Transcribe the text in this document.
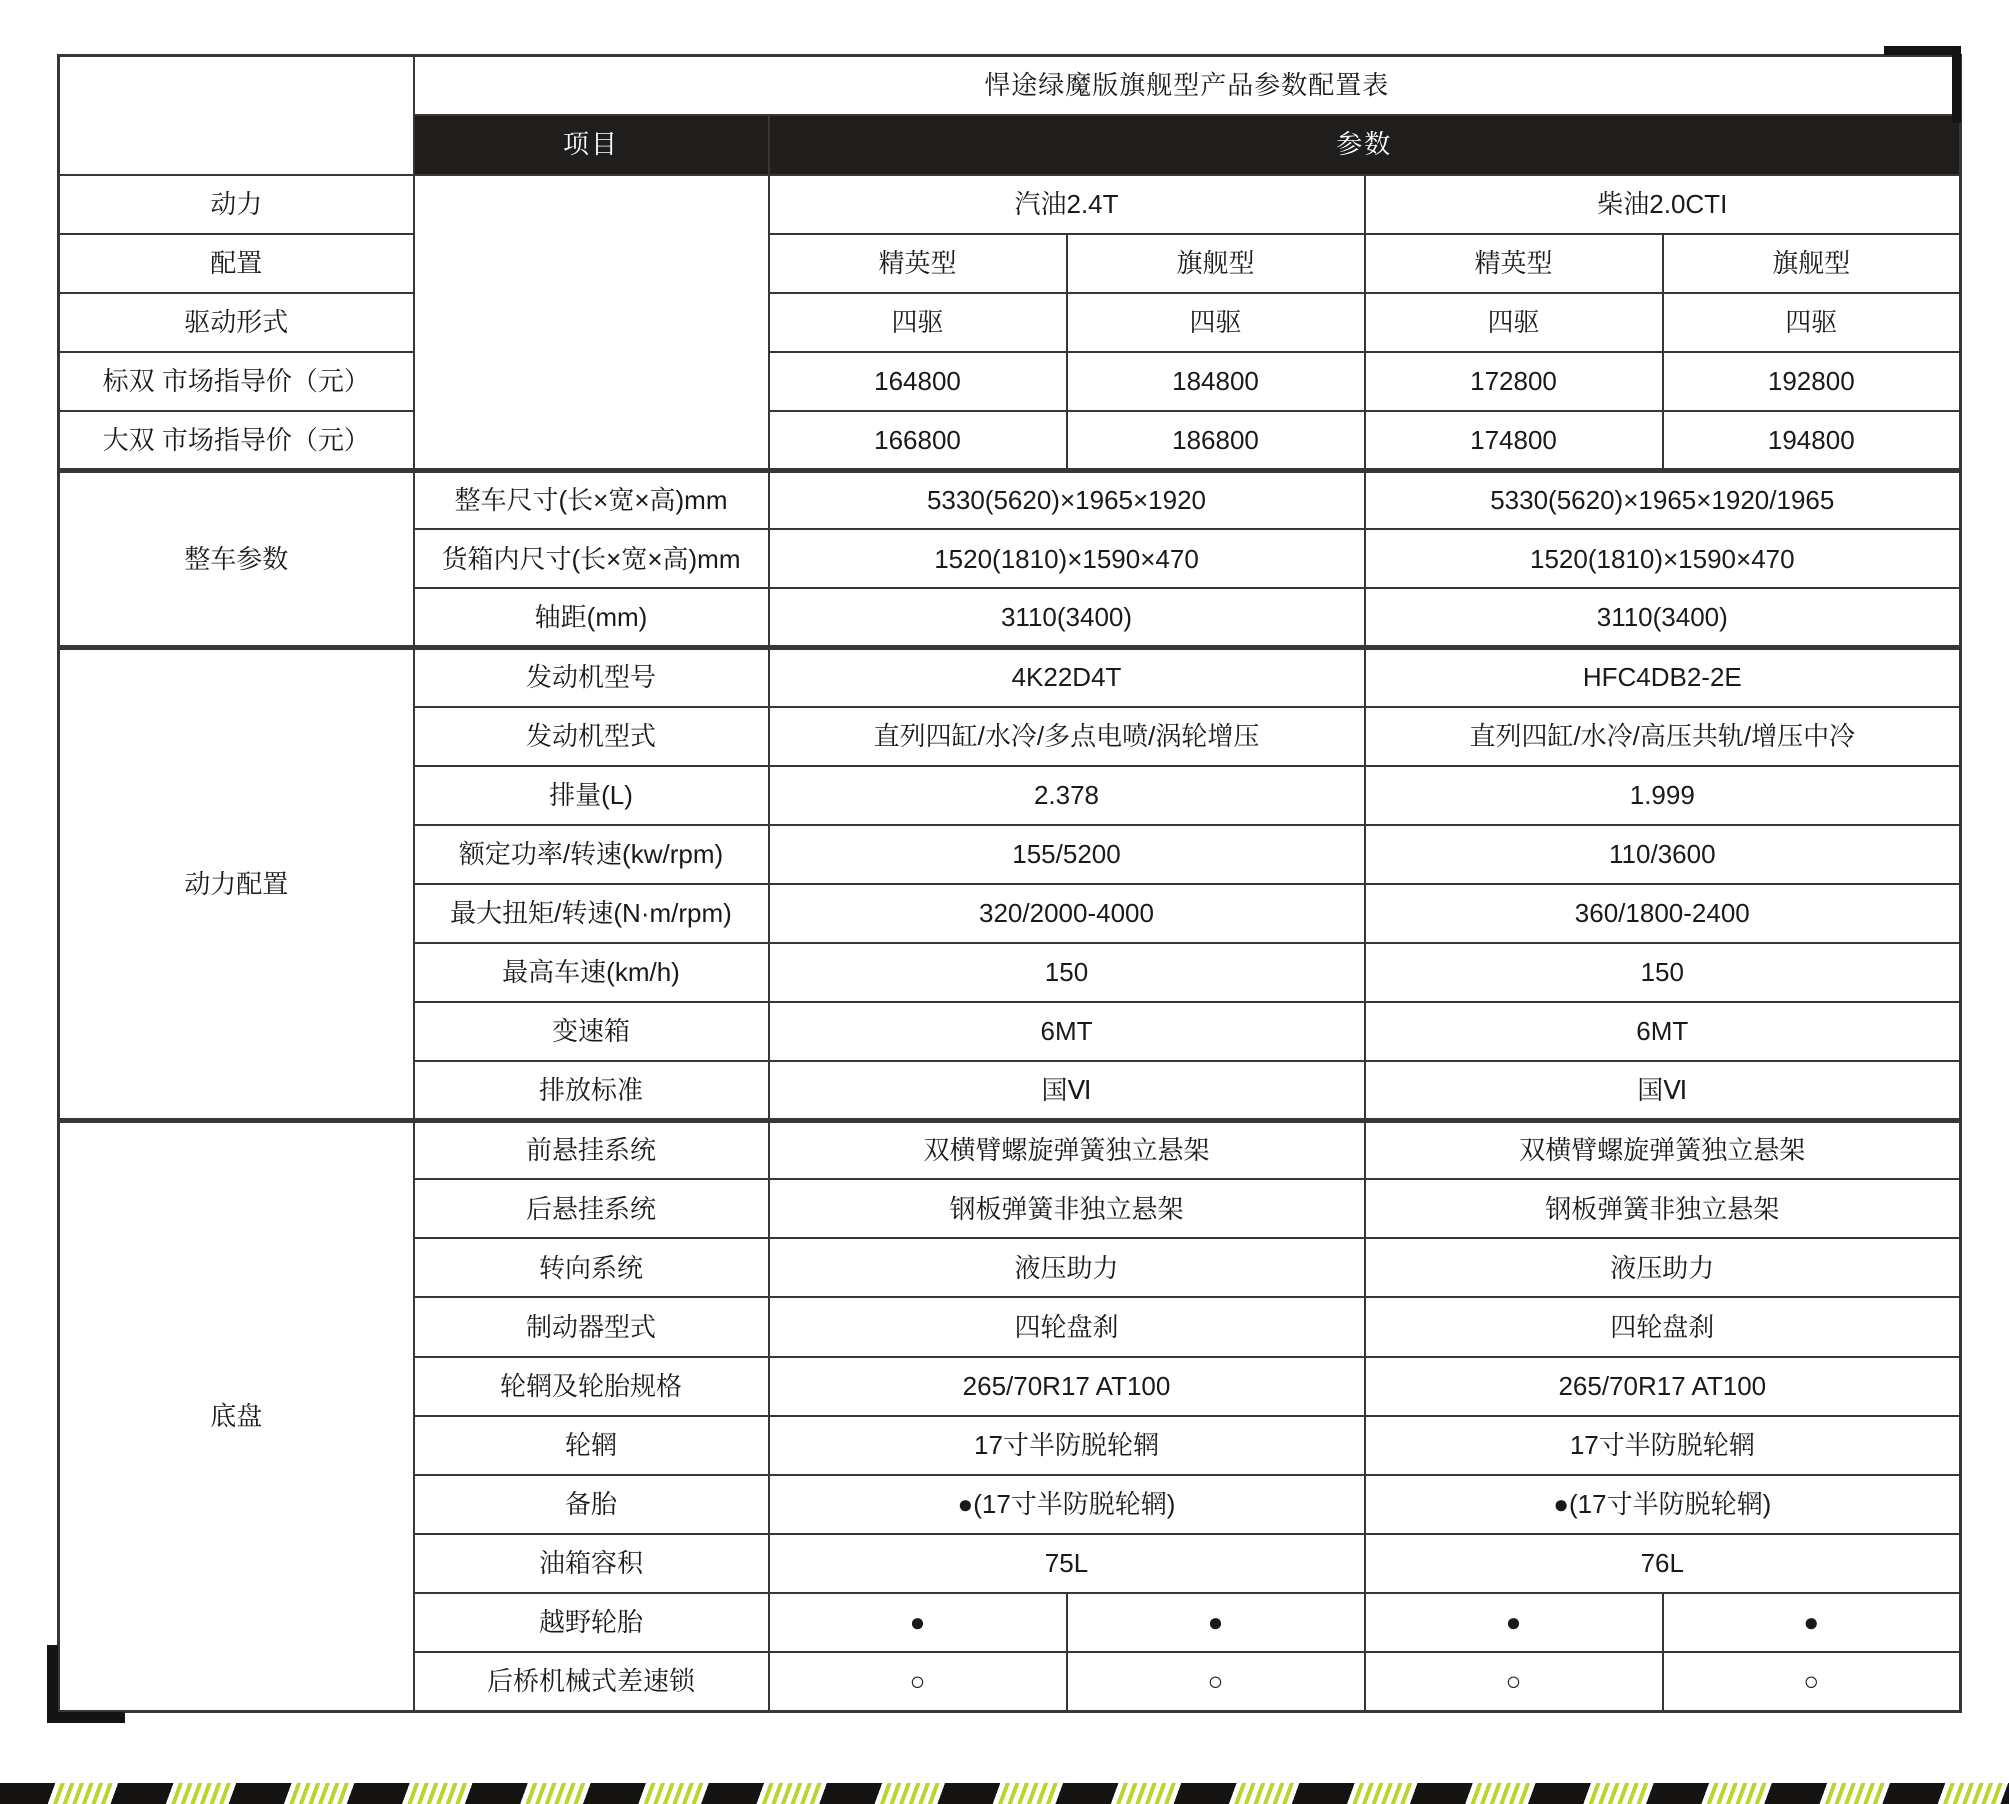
	悍途绿魔版旗舰型产品参数配置表				
	项目	参数			
动力		汽油2.4T		柴油2.0CTI	
配置		精英型	旗舰型	精英型	旗舰型
驱动形式		四驱	四驱	四驱	四驱
标双 市场指导价（元）		164800	184800	172800	192800
大双 市场指导价（元）		166800	186800	174800	194800
整车参数	整车尺寸(长×宽×高)mm	5330(5620)×1965×1920		5330(5620)×1965×1920/1965	
	货箱内尺寸(长×宽×高)mm	1520(1810)×1590×470		1520(1810)×1590×470	
	轴距(mm)	3110(3400)		3110(3400)	
动力配置	发动机型号	4K22D4T		HFC4DB2-2E	
	发动机型式	直列四缸/水冷/多点电喷/涡轮增压		直列四缸/水冷/高压共轨/增压中冷	
	排量(L)	2.378		1.999	
	额定功率/转速(kw/rpm)	155/5200		110/3600	
	最大扭矩/转速(N·m/rpm)	320/2000-4000		360/1800-2400	
	最高车速(km/h)	150		150	
	变速箱	6MT		6MT	
	排放标准	国Ⅵ		国Ⅵ	
底盘	前悬挂系统	双横臂螺旋弹簧独立悬架		双横臂螺旋弹簧独立悬架	
	后悬挂系统	钢板弹簧非独立悬架		钢板弹簧非独立悬架	
	转向系统	液压助力		液压助力	
	制动器型式	四轮盘刹		四轮盘刹	
	轮辋及轮胎规格	265/70R17 AT100		265/70R17 AT100	
	轮辋	17寸半防脱轮辋		17寸半防脱轮辋	
	备胎	●(17寸半防脱轮辋)		●(17寸半防脱轮辋)	
	油箱容积	75L		76L	
	越野轮胎	●	●	●	●
	后桥机械式差速锁	○	○	○	○
